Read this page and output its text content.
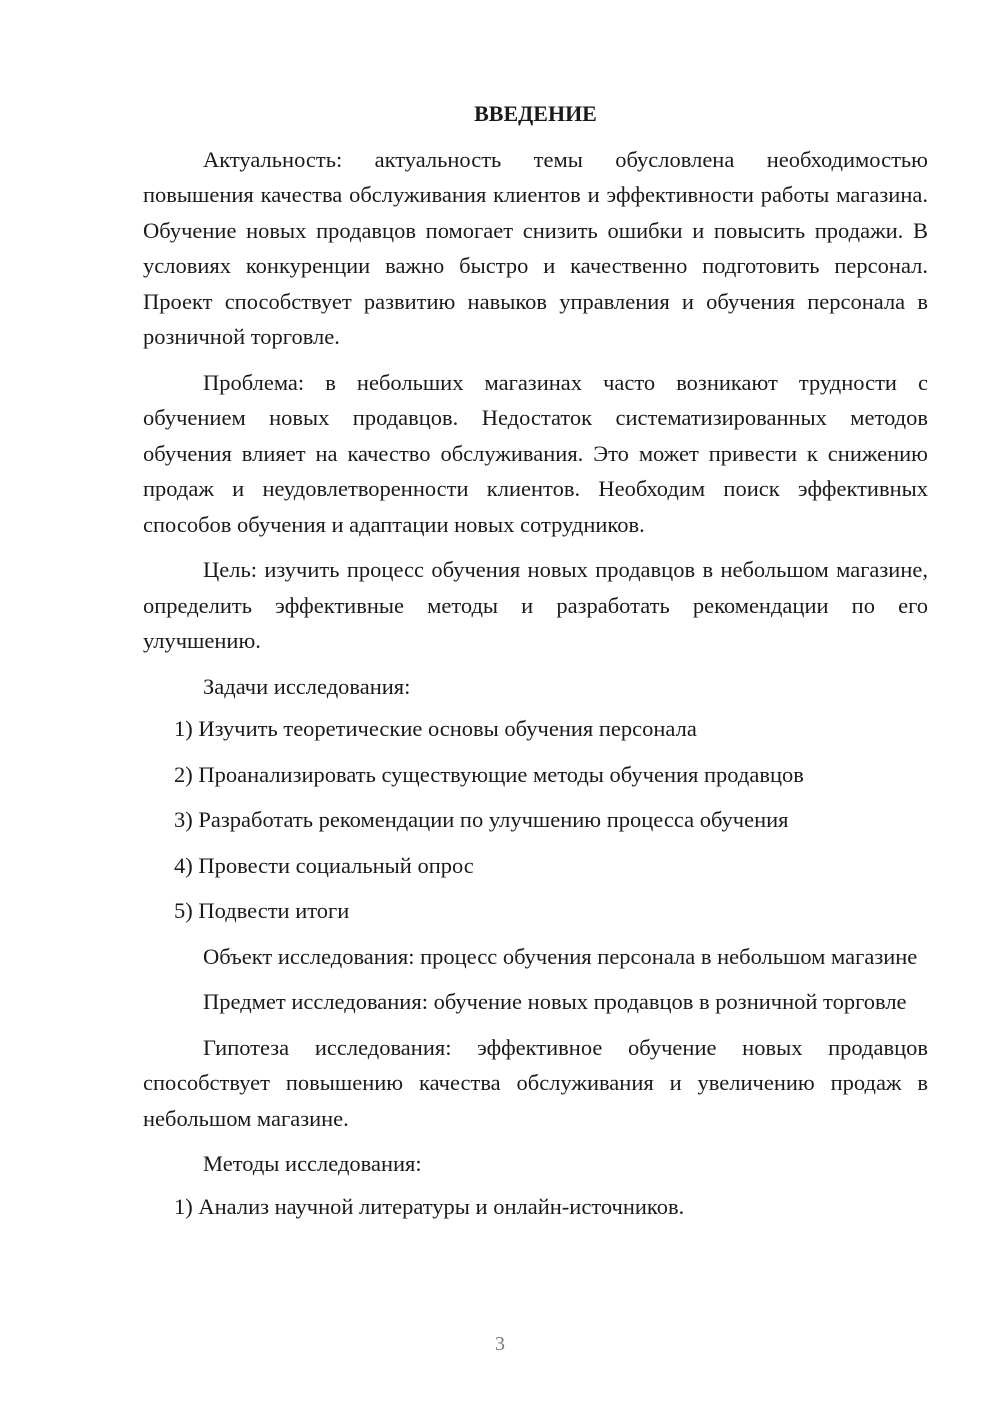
ВВЕДЕНИЕ

Актуальность: актуальность темы обусловлена необходимостью повышения качества обслуживания клиентов и эффективности работы магазина. Обучение новых продавцов помогает снизить ошибки и повысить продажи. В условиях конкуренции важно быстро и качественно подготовить персонал. Проект способствует развитию навыков управления и обучения персонала в розничной торговле.

Проблема: в небольших магазинах часто возникают трудности с обучением новых продавцов. Недостаток систематизированных методов обучения влияет на качество обслуживания. Это может привести к снижению продаж и неудовлетворенности клиентов. Необходим поиск эффективных способов обучения и адаптации новых сотрудников.

Цель: изучить процесс обучения новых продавцов в небольшом магазине, определить эффективные методы и разработать рекомендации по его улучшению.

Задачи исследования:

1) Изучить теоретические основы обучения персонала
2) Проанализировать существующие методы обучения продавцов
3) Разработать рекомендации по улучшению процесса обучения
4) Провести социальный опрос
5) Подвести итоги

Объект исследования: процесс обучения персонала в небольшом магазине

Предмет исследования: обучение новых продавцов в розничной торговле

Гипотеза исследования: эффективное обучение новых продавцов способствует повышению качества обслуживания и увеличению продаж в небольшом магазине.

Методы исследования:

1) Анализ научной литературы и онлайн-источников.
3
